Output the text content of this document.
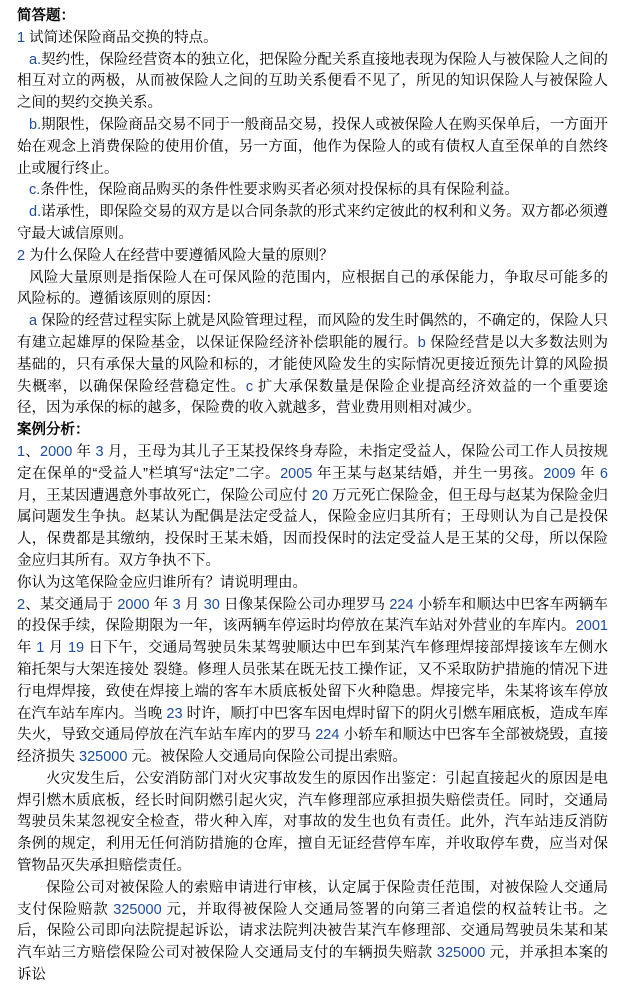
简答题：

1 试简述保险商品交换的特点。

a.契约性，保险经营资本的独立化，把保险分配关系直接地表现为保险人与被保险人之间的相互对立的两极，从而被保险人之间的互助关系便看不见了，所见的知识保险人与被保险人之间的契约交换关系。

b.期限性，保险商品交易不同于一般商品交易，投保人或被保险人在购买保单后，一方面开始在观念上消费保险的使用价值，另一方面，他作为保险人的或有债权人直至保单的自然终止或履行终止。

c.条件性，保险商品购买的条件性要求购买者必须对投保标的具有保险利益。

d.诺承性，即保险交易的双方是以合同条款的形式来约定彼此的权利和义务。双方都必须遵守最大诚信原则。

2 为什么保险人在经营中要遵循风险大量的原则？

风险大量原则是指保险人在可保风险的范围内，应根据自己的承保能力，争取尽可能多的风险标的。遵循该原则的原因：

a 保险的经营过程实际上就是风险管理过程，而风险的发生时偶然的，不确定的，保险人只有建立起雄厚的保险基金，以保证保险经济补偿职能的履行。b 保险经营是以大多数法则为基础的，只有承保大量的风险和标的，才能使风险发生的实际情况更接近预先计算的风险损失概率，以确保保险经营稳定性。c 扩大承保数量是保险企业提高经济效益的一个重要途径，因为承保的标的越多，保险费的收入就越多，营业费用则相对减少。

案例分析：

1、2000 年 3 月，王母为其儿子王某投保终身寿险，未指定受益人，保险公司工作人员按规定在保单的“受益人”栏填写“法定”二字。2005 年王某与赵某结婚，并生一男孩。2009 年 6 月，王某因遭遇意外事故死亡，保险公司应付 20 万元死亡保险金，但王母与赵某为保险金归属问题发生争执。赵某认为配偶是法定受益人，保险金应归其所有；王母则认为自己是投保人，保费都是其缴纳，投保时王某未婚，因而投保时的法定受益人是王某的父母，所以保险金应归其所有。双方争执不下。

你认为这笔保险金应归谁所有？请说明理由。

2、某交通局于 2000 年 3 月 30 日像某保险公司办理罗马 224 小轿车和顺达中巴客车两辆车的投保手续，保险期限为一年，该两辆车停运时均停放在某汽车站对外营业的车库内。2001 年 1 月 19 日下午，交通局驾驶员朱某驾驶顺达中巴车到某汽车修理焊接部焊接该车左侧水箱托架与大架连接处 裂缝。修理人员张某在既无技工操作证，又不采取防护措施的情况下进行电焊焊接，致使在焊接上端的客车木质底板处留下火种隐患。焊接完毕，朱某将该车停放在汽车站车库内。当晚 23 时许，顺打中巴客车因电焊时留下的阴火引燃车厢底板，造成车库失火，导致交通局停放在汽车站车库内的罗马 224 小轿车和顺达中巴客车全部被烧毁，直接经济损失 325000 元。被保险人交通局向保险公司提出索赔。

火灾发生后，公安消防部门对火灾事故发生的原因作出鉴定：引起直接起火的原因是电焊引燃木质底板，经长时间阴燃引起火灾，汽车修理部应承担损失赔偿责任。同时，交通局驾驶员朱某忽视安全检查，带火种入库，对事故的发生也负有责任。此外，汽车站违反消防条例的规定，利用无任何消防措施的仓库，擅自无证经营停车库，并收取停车费，应当对保管物品灭失承担赔偿责任。

保险公司对被保险人的索赔申请进行审核，认定属于保险责任范围，对被保险人交通局支付保险赔款 325000 元，并取得被保险人交通局签署的向第三者追偿的权益转让书。之后，保险公司即向法院提起诉讼，请求法院判决被告某汽车修理部、交通局驾驶员朱某和某汽车站三方赔偿保险公司对被保险人交通局支付的车辆损失赔款 325000 元，并承担本案的诉讼
